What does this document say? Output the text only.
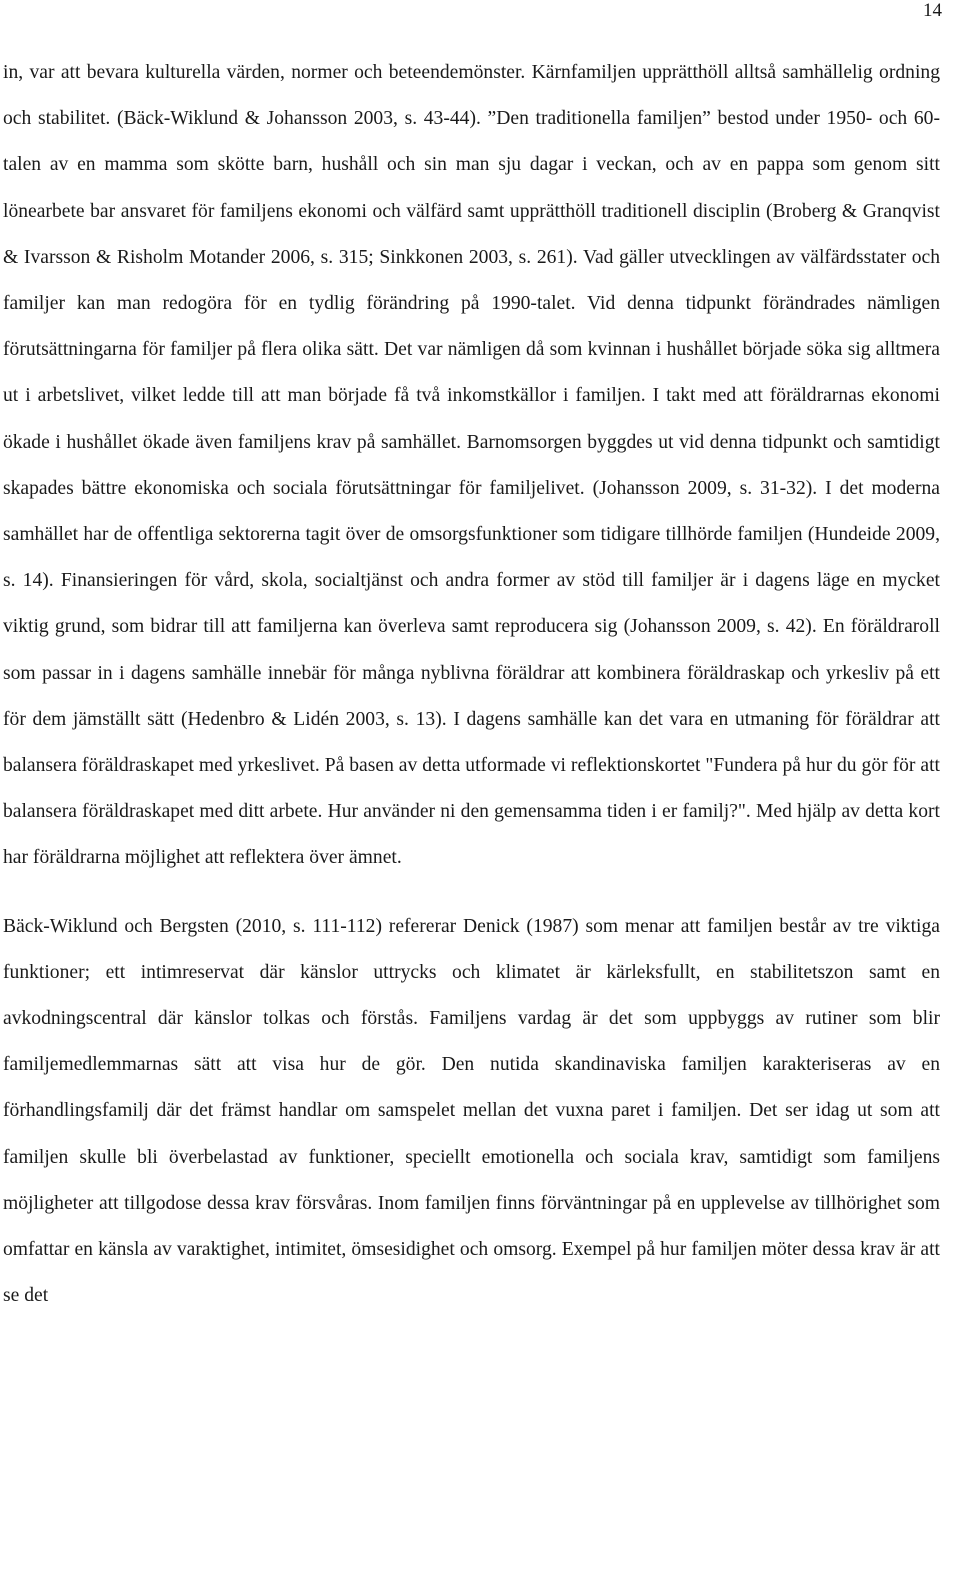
14

in, var att bevara kulturella värden, normer och beteendemönster. Kärnfamiljen upprätthöll alltså samhällelig ordning och stabilitet. (Bäck-Wiklund & Johansson 2003, s. 43-44). ”Den traditionella familjen” bestod under 1950- och 60-talen av en mamma som skötte barn, hushåll och sin man sju dagar i veckan, och av en pappa som genom sitt lönearbete bar ansvaret för familjens ekonomi och välfärd samt upprätthöll traditionell disciplin (Broberg & Granqvist & Ivarsson & Risholm Motander 2006, s. 315; Sinkkonen 2003, s. 261). Vad gäller utvecklingen av välfärdsstater och familjer kan man redogöra för en tydlig förändring på 1990-talet. Vid denna tidpunkt förändrades nämligen förutsättningarna för familjer på flera olika sätt. Det var nämligen då som kvinnan i hushållet började söka sig alltmera ut i arbetslivet, vilket ledde till att man började få två inkomstkällor i familjen. I takt med att föräldrarnas ekonomi ökade i hushållet ökade även familjens krav på samhället. Barnomsorgen byggdes ut vid denna tidpunkt och samtidigt skapades bättre ekonomiska och sociala förutsättningar för familjelivet. (Johansson 2009, s. 31-32). I det moderna samhället har de offentliga sektorerna tagit över de omsorgsfunktioner som tidigare tillhörde familjen (Hundeide 2009, s. 14). Finansieringen för vård, skola, socialtjänst och andra former av stöd till familjer är i dagens läge en mycket viktig grund, som bidrar till att familjerna kan överleva samt reproducera sig (Johansson 2009, s. 42). En föräldraroll som passar in i dagens samhälle innebär för många nyblivna föräldrar att kombinera föräldraskap och yrkesliv på ett för dem jämställt sätt (Hedenbro & Lidén 2003, s. 13). I dagens samhälle kan det vara en utmaning för föräldrar att balansera föräldraskapet med yrkeslivet. På basen av detta utformade vi reflektionskortet "Fundera på hur du gör för att balansera föräldraskapet med ditt arbete. Hur använder ni den gemensamma tiden i er familj?". Med hjälp av detta kort har föräldrarna möjlighet att reflektera över ämnet.

Bäck-Wiklund och Bergsten (2010, s. 111-112) refererar Denick (1987) som menar att familjen består av tre viktiga funktioner; ett intimreservat där känslor uttrycks och klimatet är kärleksfullt, en stabilitetszon samt en avkodningscentral där känslor tolkas och förstås. Familjens vardag är det som uppbyggs av rutiner som blir familjemedlemmarnas sätt att visa hur de gör. Den nutida skandinaviska familjen karakteriseras av en förhandlingsfamilj där det främst handlar om samspelet mellan det vuxna paret i familjen. Det ser idag ut som att familjen skulle bli överbelastad av funktioner, speciellt emotionella och sociala krav, samtidigt som familjens möjligheter att tillgodose dessa krav försvåras. Inom familjen finns förväntningar på en upplevelse av tillhörighet som omfattar en känsla av varaktighet, intimitet, ömsesidighet och omsorg. Exempel på hur familjen möter dessa krav är att se det
